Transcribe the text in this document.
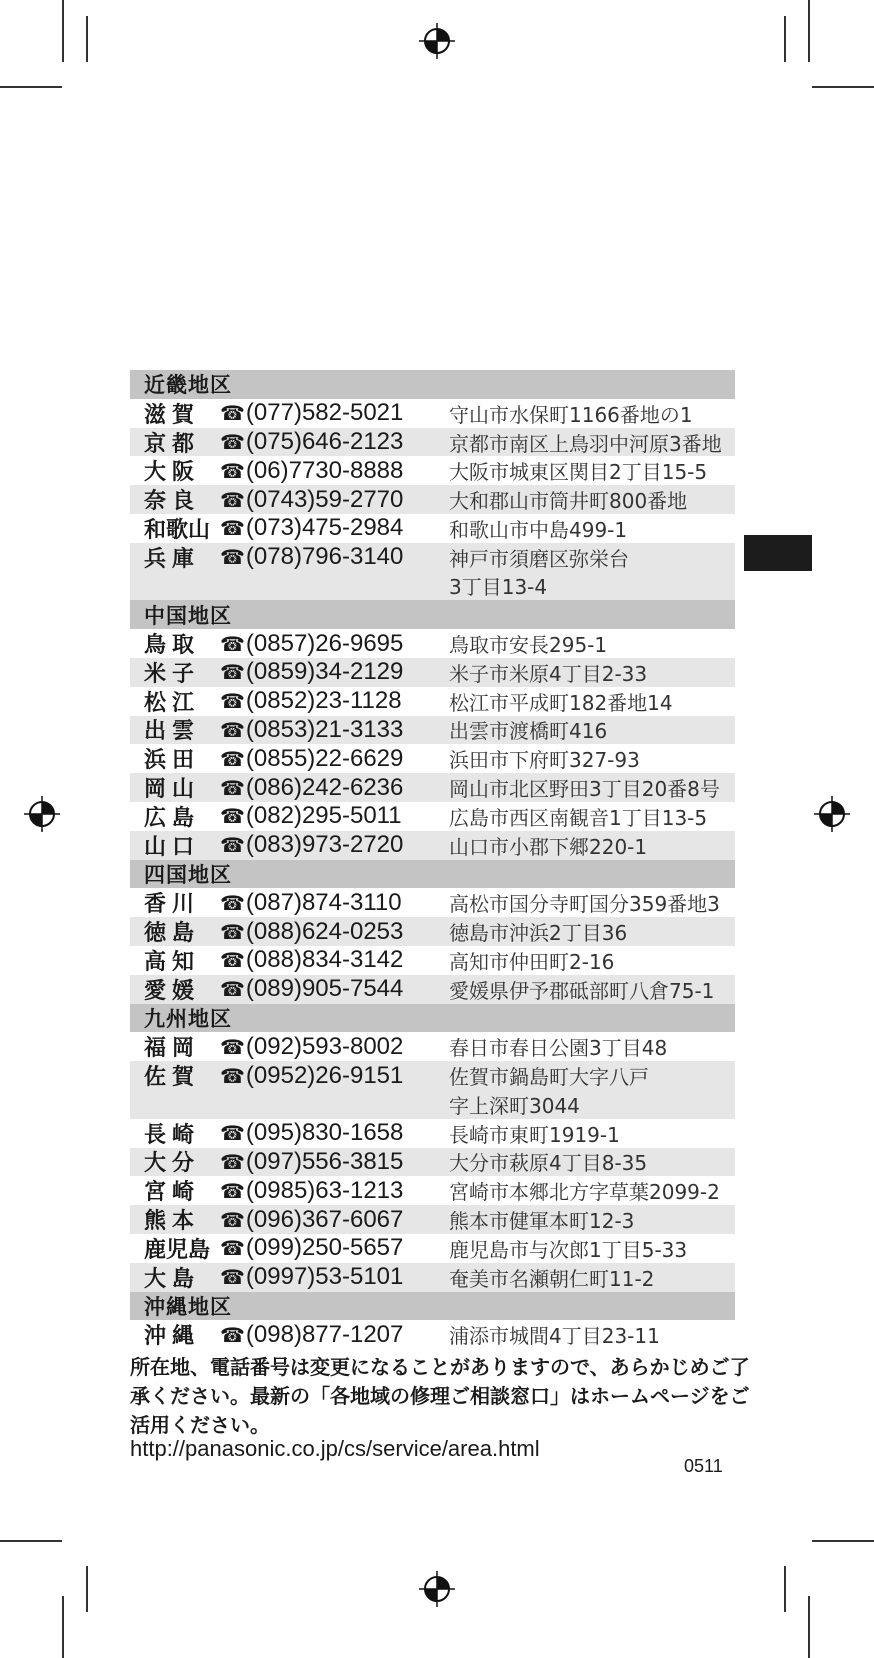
近畿地区
滋賀 ☎(077)582-5021	守山市水保町1166番地の1
京都 ☎(075)646-2123	京都市南区上鳥羽中河原3番地
大阪 ☎(06)7730-8888	大阪市城東区関目2丁目15-5
奈良 ☎(0743)59-2770	大和郡山市筒井町800番地
和歌山 ☎(073)475-2984	和歌山市中島499-1
兵庫 ☎(078)796-3140	神戸市須磨区弥栄台
3丁目13-4
中国地区
鳥取 ☎(0857)26-9695	鳥取市安長295-1
米子 ☎(0859)34-2129	米子市米原4丁目2-33
松江 ☎(0852)23-1128	松江市平成町182番地14
出雲 ☎(0853)21-3133	出雲市渡橋町416
浜田 ☎(0855)22-6629	浜田市下府町327-93
岡山 ☎(086)242-6236	岡山市北区野田3丁目20番8号
広島 ☎(082)295-5011	広島市西区南観音1丁目13-5
山口 ☎(083)973-2720	山口市小郡下郷220-1
四国地区
香川 ☎(087)874-3110	高松市国分寺町国分359番地3
徳島 ☎(088)624-0253	徳島市沖浜2丁目36
高知 ☎(088)834-3142	高知市仲田町2-16
愛媛 ☎(089)905-7544	愛媛県伊予郡砥部町八倉75-1
九州地区
福岡 ☎(092)593-8002	春日市春日公園3丁目48
佐賀 ☎(0952)26-9151	佐賀市鍋島町大字八戸
字上深町3044
長崎 ☎(095)830-1658	長崎市東町1919-1
大分 ☎(097)556-3815	大分市萩原4丁目8-35
宮崎 ☎(0985)63-1213	宮崎市本郷北方字草葉2099-2
熊本 ☎(096)367-6067	熊本市健軍本町12-3
鹿児島 ☎(099)250-5657	鹿児島市与次郎1丁目5-33
大島 ☎(0997)53-5101	奄美市名瀬朝仁町11-2
沖縄地区
沖縄 ☎(098)877-1207	浦添市城間4丁目23-11
所在地、電話番号は変更になることがありますので、あらかじめご了承ください。最新の「各地域の修理ご相談窓口」はホームページをご活用ください。
http://panasonic.co.jp/cs/service/area.html
0511
